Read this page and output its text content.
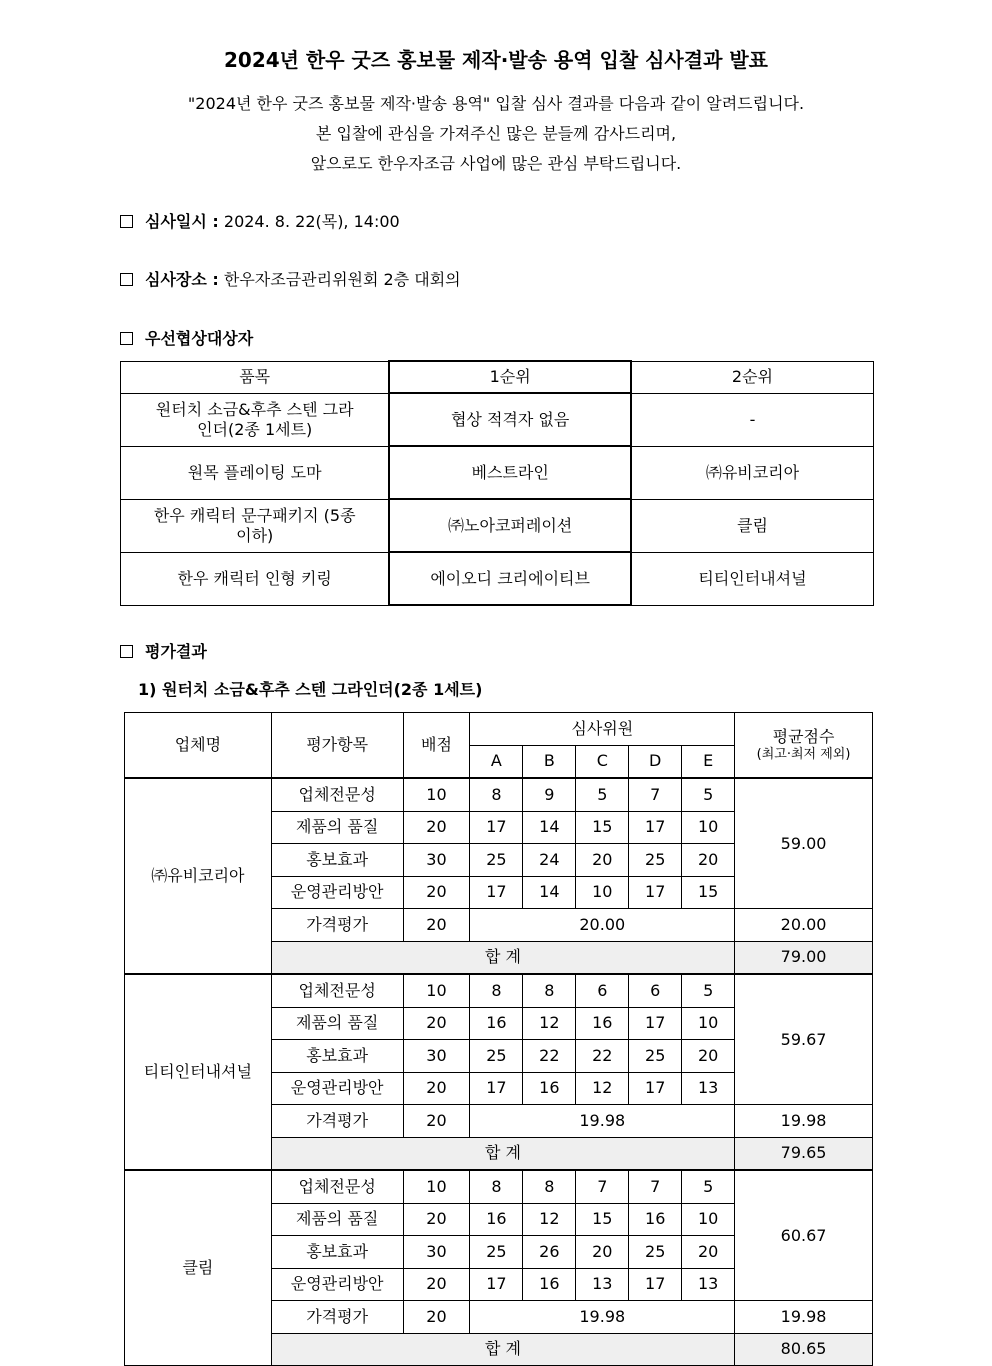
2024년 한우 굿즈 홍보물 제작·발송 용역 입찰 심사결과 발표
"2024년 한우 굿즈 홍보물 제작·발송 용역" 입찰 심사 결과를 다음과 같이 알려드립니다.
본 입찰에 관심을 가져주신 많은 분들께 감사드리며,
앞으로도 한우자조금 사업에 많은 관심 부탁드립니다.
심사일시 : 2024. 8. 22(목), 14:00
심사장소 : 한우자조금관리위원회 2층 대회의
우선협상대상자
품목	1순위	2순위
원터치 소금&후추 스텐 그라인더(2종 1세트)	협상 적격자 없음	-
원목 플레이팅 도마	베스트라인	㈜유비코리아
한우 캐릭터 문구패키지 (5종이하)	㈜노아코퍼레이션	클림
한우 캐릭터 인형 키링	에이오디 크리에이티브	티티인터내셔널
평가결과
1) 원터치 소금&후추 스텐 그라인더(2종 1세트)
업체명	평가항목	배점	심사위원					평균점수
(최고·최저 제외)

			A	B	C	D	E	
㈜유비코리아	업체전문성	10	8	9	5	7	5	59.00
	제품의 품질	20	17	14	15	17	10	
	홍보효과	30	25	24	20	25	20	
	운영관리방안	20	17	14	10	17	15	
	가격평가	20	20.00					20.00
	합 계							79.00
티티인터내셔널	업체전문성	10	8	8	6	6	5	59.67
	제품의 품질	20	16	12	16	17	10	
	홍보효과	30	25	22	22	25	20	
	운영관리방안	20	17	16	12	17	13	
	가격평가	20	19.98					19.98
	합 계							79.65
클림	업체전문성	10	8	8	7	7	5	60.67
	제품의 품질	20	16	12	15	16	10	
	홍보효과	30	25	26	20	25	20	
	운영관리방안	20	17	16	13	17	13	
	가격평가	20	19.98					19.98
	합 계							80.65
